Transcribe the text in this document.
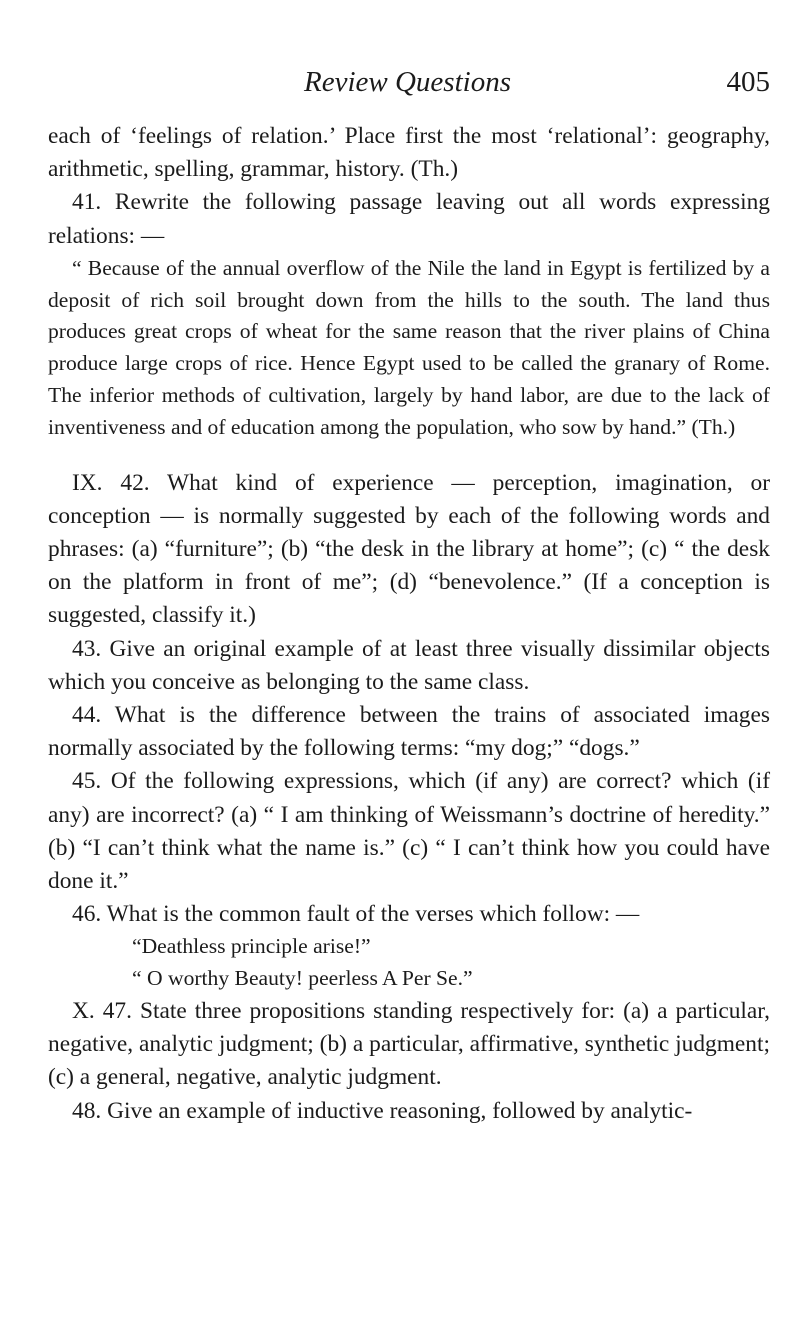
Review Questions	405

each of ‘feelings of relation.’ Place first the most ‘relational’: geography, arithmetic, spelling, grammar, history. (Th.)

41. Rewrite the following passage leaving out all words expressing relations: —

“ Because of the annual overflow of the Nile the land in Egypt is fertilized by a deposit of rich soil brought down from the hills to the south. The land thus produces great crops of wheat for the same reason that the river plains of China produce large crops of rice. Hence Egypt used to be called the granary of Rome. The inferior methods of cultivation, largely by hand labor, are due to the lack of inventiveness and of education among the population, who sow by hand.” (Th.)

IX. 42. What kind of experience — perception, imagination, or conception — is normally suggested by each of the following words and phrases: (a) “furniture”; (b) “the desk in the library at home”; (c) “ the desk on the platform in front of me”; (d) “benevolence.” (If a conception is suggested, classify it.)

43. Give an original example of at least three visually dissimilar objects which you conceive as belonging to the same class.

44. What is the difference between the trains of associated images normally associated by the following terms: “my dog;” “dogs.”

45. Of the following expressions, which (if any) are correct? which (if any) are incorrect? (a) “ I am thinking of Weissmann’s doctrine of heredity.” (b) “I can’t think what the name is.” (c) “ I can’t think how you could have done it.”

46. What is the common fault of the verses which follow: —

“Deathless principle arise!”

“ O worthy Beauty! peerless A Per Se.”

X. 47. State three propositions standing respectively for: (a) a particular, negative, analytic judgment; (b) a particular, affirmative, synthetic judgment; (c) a general, negative, analytic judgment.

48. Give an example of inductive reasoning, followed by analytic-
